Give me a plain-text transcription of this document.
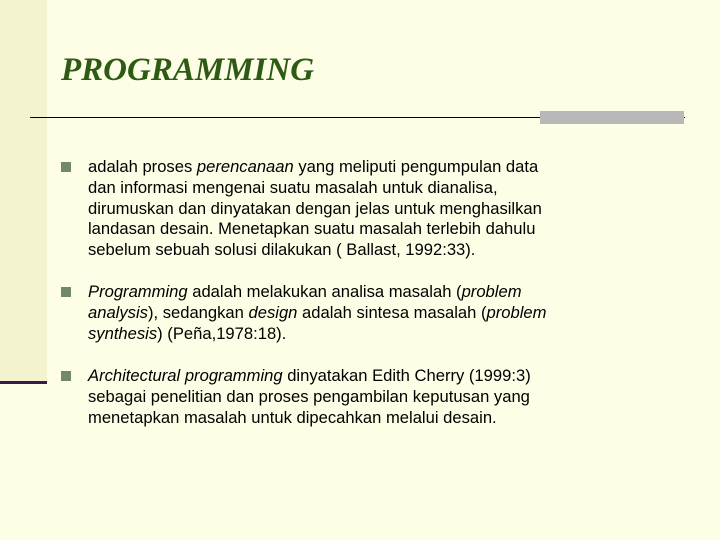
PROGRAMMING
adalah proses perencanaan yang meliputi pengumpulan data
dan informasi mengenai suatu masalah untuk dianalisa,
dirumuskan dan dinyatakan dengan jelas untuk menghasilkan
landasan desain. Menetapkan suatu masalah terlebih dahulu
sebelum sebuah solusi dilakukan ( Ballast, 1992:33).
Programming adalah melakukan analisa masalah (problem
analysis), sedangkan design adalah sintesa masalah (problem
synthesis) (Peña,1978:18).
Architectural programming dinyatakan Edith Cherry (1999:3)
sebagai penelitian dan proses pengambilan keputusan yang
menetapkan masalah untuk dipecahkan melalui desain.
